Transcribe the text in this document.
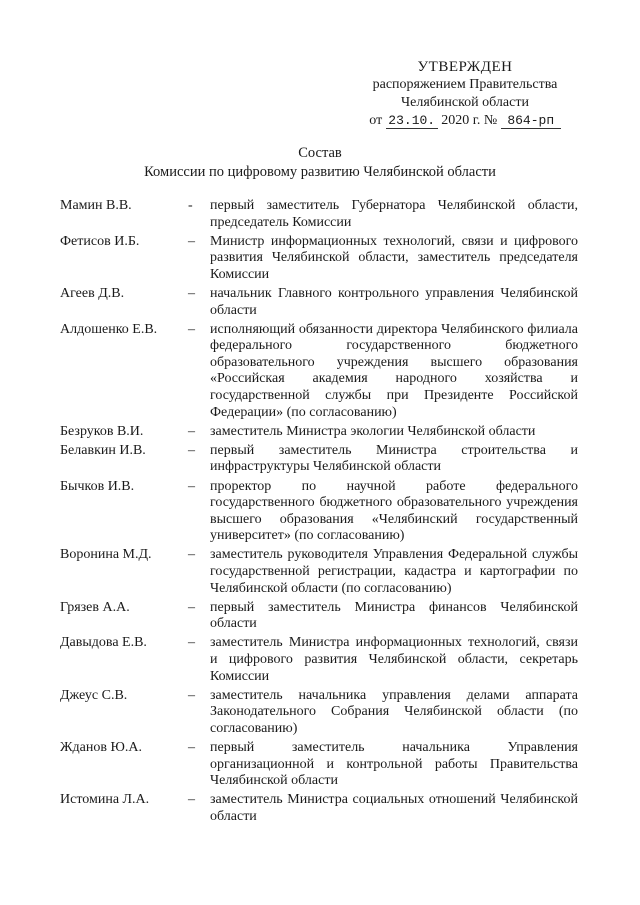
УТВЕРЖДЕН
распоряжением Правительства
Челябинской области
от 23.10. 2020 г. № 864-рп
Состав
Комиссии по цифровому развитию Челябинской области
Мамин В.В.	-	первый заместитель Губернатора Челябинской области, председатель Комиссии
Фетисов И.Б.	–	Министр информационных технологий, связи и цифрового развития Челябинской области, заместитель председателя Комиссии
Агеев Д.В.	–	начальник Главного контрольного управления Челябинской области
Алдошенко Е.В.	–	исполняющий обязанности директора Челябинского филиала федерального государственного бюджетного образовательного учреждения высшего образования «Российская академия народного хозяйства и государственной службы при Президенте Российской Федерации» (по согласованию)
Безруков В.И.	–	заместитель Министра экологии Челябинской области
Белавкин И.В.	–	первый заместитель Министра строительства и инфраструктуры Челябинской области
Бычков И.В.	–	проректор по научной работе федерального государственного бюджетного образовательного учреждения высшего образования «Челябинский государственный университет» (по согласованию)
Воронина М.Д.	–	заместитель руководителя Управления Федеральной службы государственной регистрации, кадастра и картографии по Челябинской области (по согласованию)
Грязев А.А.	–	первый заместитель Министра финансов Челябинской области
Давыдова Е.В.	–	заместитель Министра информационных технологий, связи и цифрового развития Челябинской области, секретарь Комиссии
Джеус С.В.	–	заместитель начальника управления делами аппарата Законодательного Собрания Челябинской области (по согласованию)
Жданов Ю.А.	–	первый заместитель начальника Управления организационной и контрольной работы Правительства Челябинской области
Истомина Л.А.	–	заместитель Министра социальных отношений Челябинской области
